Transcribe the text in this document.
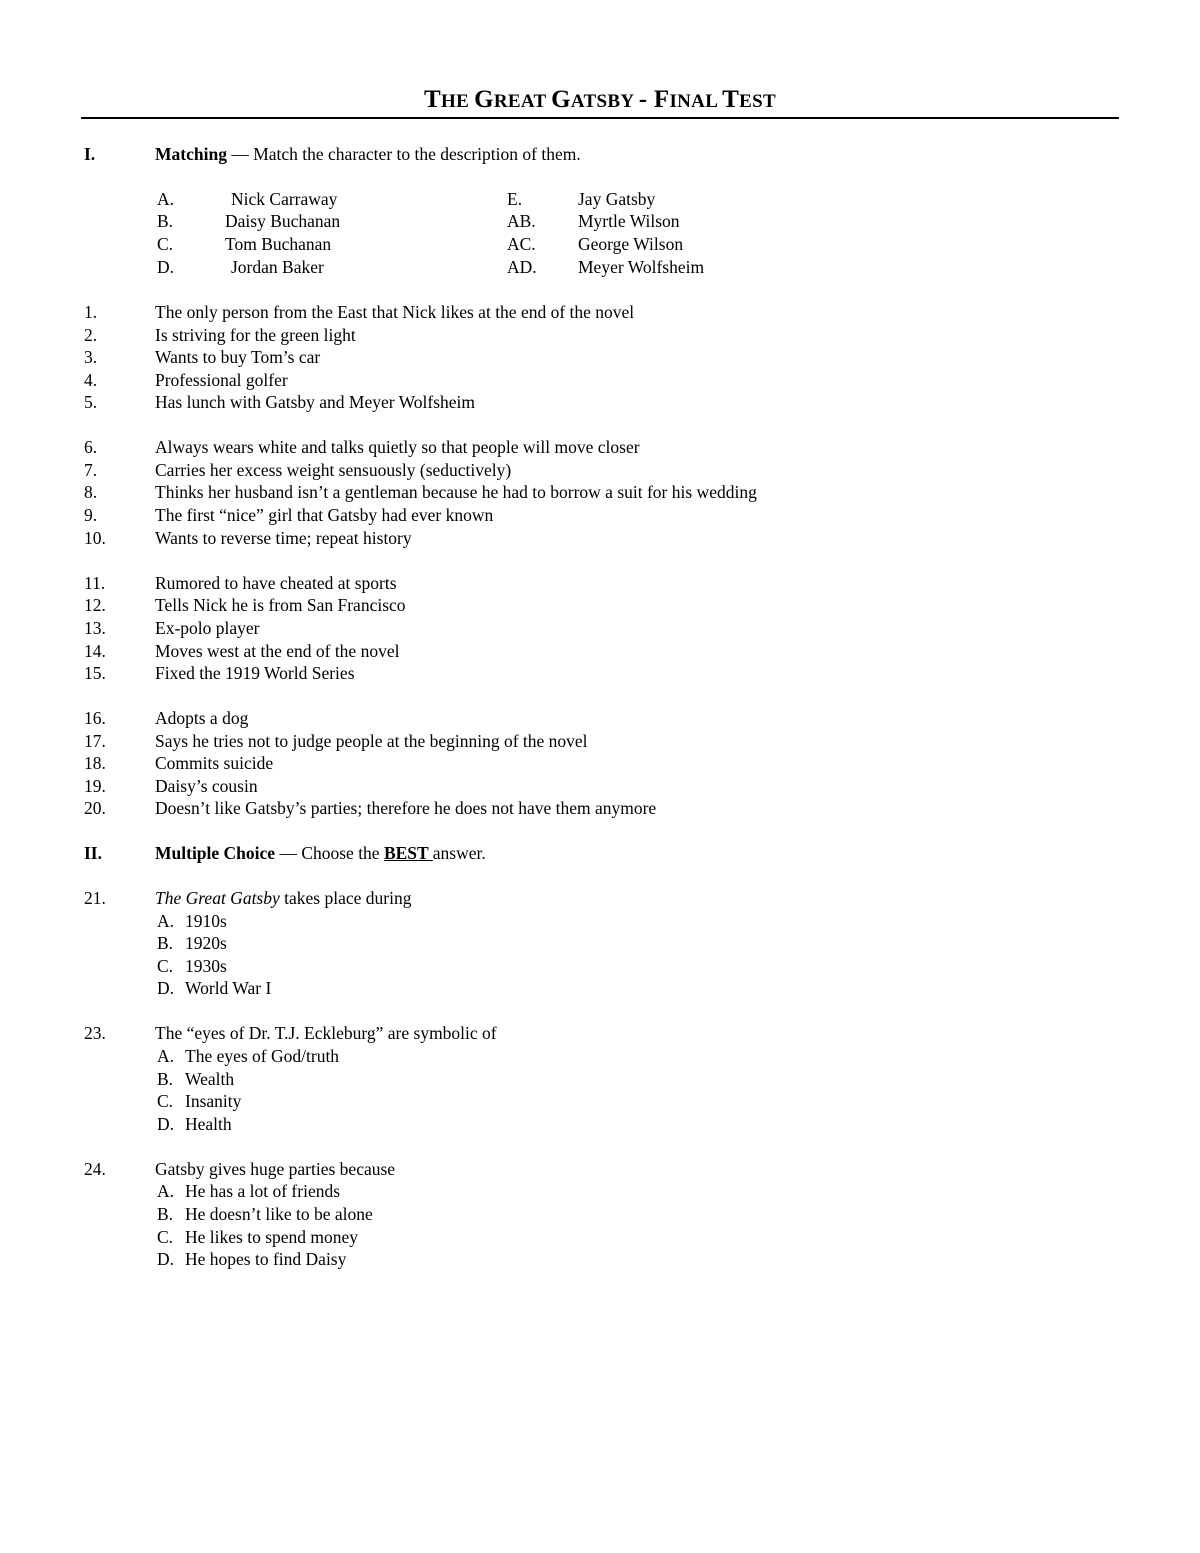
THE GREAT GATSBY - FINAL TEST
I.	Matching — Match the character to the description of them.
A.	Nick Carraway	E.	Jay Gatsby
B.	Daisy Buchanan	AB. Myrtle Wilson
C.	Tom Buchanan	AC. George Wilson
D.	Jordan Baker	AD. Meyer Wolfsheim
1.	The only person from the East that Nick likes at the end of the novel
2.	Is striving for the green light
3.	Wants to buy Tom’s car
4.	Professional golfer
5.	Has lunch with Gatsby and Meyer Wolfsheim
6.	Always wears white and talks quietly so that people will move closer
7.	Carries her excess weight sensuously (seductively)
8.	Thinks her husband isn’t a gentleman because he had to borrow a suit for his wedding
9.	The first “nice” girl that Gatsby had ever known
10.	Wants to reverse time; repeat history
11.	Rumored to have cheated at sports
12.	Tells Nick he is from San Francisco
13.	Ex-polo player
14.	Moves west at the end of the novel
15.	Fixed the 1919 World Series
16.	Adopts a dog
17.	Says he tries not to judge people at the beginning of the novel
18.	Commits suicide
19.	Daisy’s cousin
20.	Doesn’t like Gatsby’s parties; therefore he does not have them anymore
II.	Multiple Choice — Choose the BEST answer.
21.	The Great Gatsby takes place during
A. 1910s
B. 1920s
C. 1930s
D. World War I
23.	The “eyes of Dr. T.J. Eckleburg” are symbolic of
A. The eyes of God/truth
B. Wealth
C. Insanity
D. Health
24.	Gatsby gives huge parties because
A. He has a lot of friends
B. He doesn’t like to be alone
C. He likes to spend money
D. He hopes to find Daisy
